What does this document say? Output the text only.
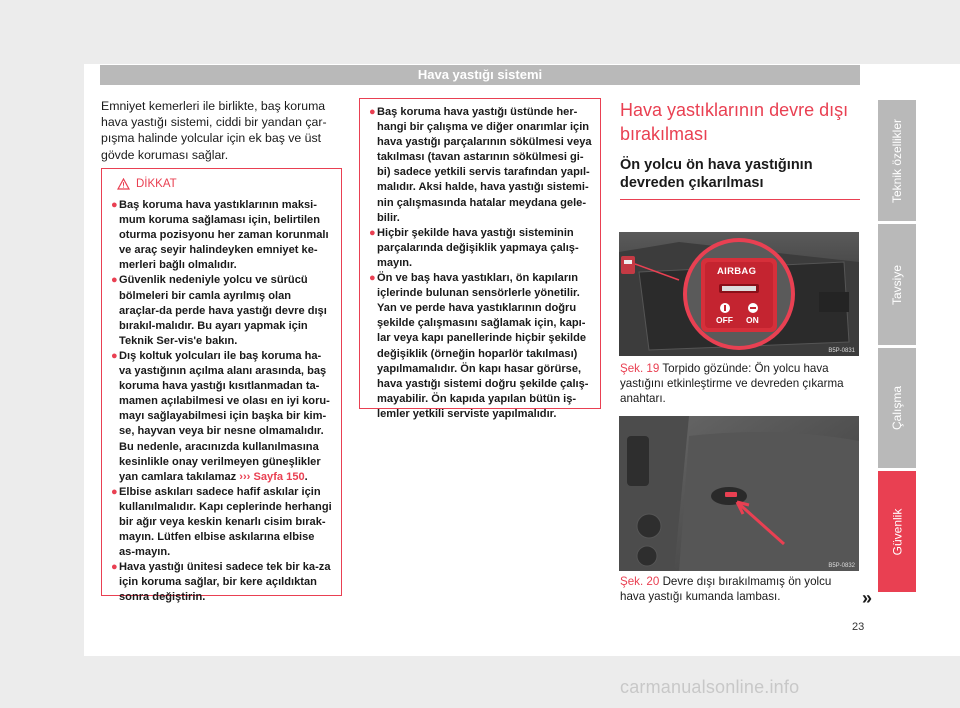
Hava yastığı sistemi

Emniyet kemerleri ile birlikte, baş koruma hava yastığı sistemi, ciddi bir yandan çar-pışma halinde yolcular için ek baş ve üst gövde koruması sağlar.

DİKKAT
● Baş koruma hava yastıklarının maksi-mum koruma sağlaması için, belirtilen oturma pozisyonu her zaman korunmalı ve araç seyir halindeyken emniyet ke-merleri bağlı olmalıdır.
● Güvenlik nedeniyle yolcu ve sürücü bölmeleri bir camla ayrılmış olan araçlar-da perde hava yastığı devre dışı bırakıl-malıdır. Bu ayarı yapmak için Teknik Ser-vis'e bakın.
● Dış koltuk yolcuları ile baş koruma ha-va yastığının açılma alanı arasında, baş koruma hava yastığı kısıtlanmadan ta-mamen açılabilmesi ve olası en iyi koru-mayı sağlayabilmesi için başka bir kim-se, hayvan veya bir nesne olmamalıdır. Bu nedenle, aracınızda kullanılmasına kesinlikle onay verilmeyen güneşlikler yan camlara takılamaz ››› Sayfa 150.
● Elbise askıları sadece hafif askılar için kullanılmalıdır. Kapı ceplerinde herhangi bir ağır veya keskin kenarlı cisim bırak-mayın. Lütfen elbise askılarına elbise as-mayın.
● Hava yastığı ünitesi sadece tek bir ka-za için koruma sağlar, bir kere açıldıktan sonra değiştirin.
● Baş koruma hava yastığı üstünde her-hangi bir çalışma ve diğer onarımlar için hava yastığı parçalarının sökülmesi veya takılması (tavan astarının sökülmesi gi-bi) sadece yetkili servis tarafından yapıl-malıdır. Aksi halde, hava yastığı sistemi-nin çalışmasında hatalar meydana gele-bilir.
● Hiçbir şekilde hava yastığı sisteminin parçalarında değişiklik yapmaya çalış-mayın.
● Ön ve baş hava yastıkları, ön kapıların içlerinde bulunan sensörlerle yönetilir. Yan ve perde hava yastıklarının doğru şekilde çalışmasını sağlamak için, kapı-lar veya kapı panellerinde hiçbir şekilde değişiklik (örneğin hoparlör takılması) yapılmamalıdır. Ön kapı hasar görürse, hava yastığı sistemi doğru şekilde çalış-mayabilir. Ön kapıda yapılan bütün iş-lemler yetkili serviste yapılmalıdır.
Hava yastıklarının devre dışı bırakılması
Ön yolcu ön hava yastığının devreden çıkarılması
AIRBAG
OFF ON
B5P-0831

Şek. 19 Torpido gözünde: Ön yolcu hava yastığını etkinleştirme ve devreden çıkarma anahtarı.

B5P-0832

Şek. 20 Devre dışı bırakılmamış ön yolcu hava yastığı kumanda lambası.	»
Teknik özellikler
Tavsiye
Çalışma
Güvenlik
23
carmanualsonline.info
